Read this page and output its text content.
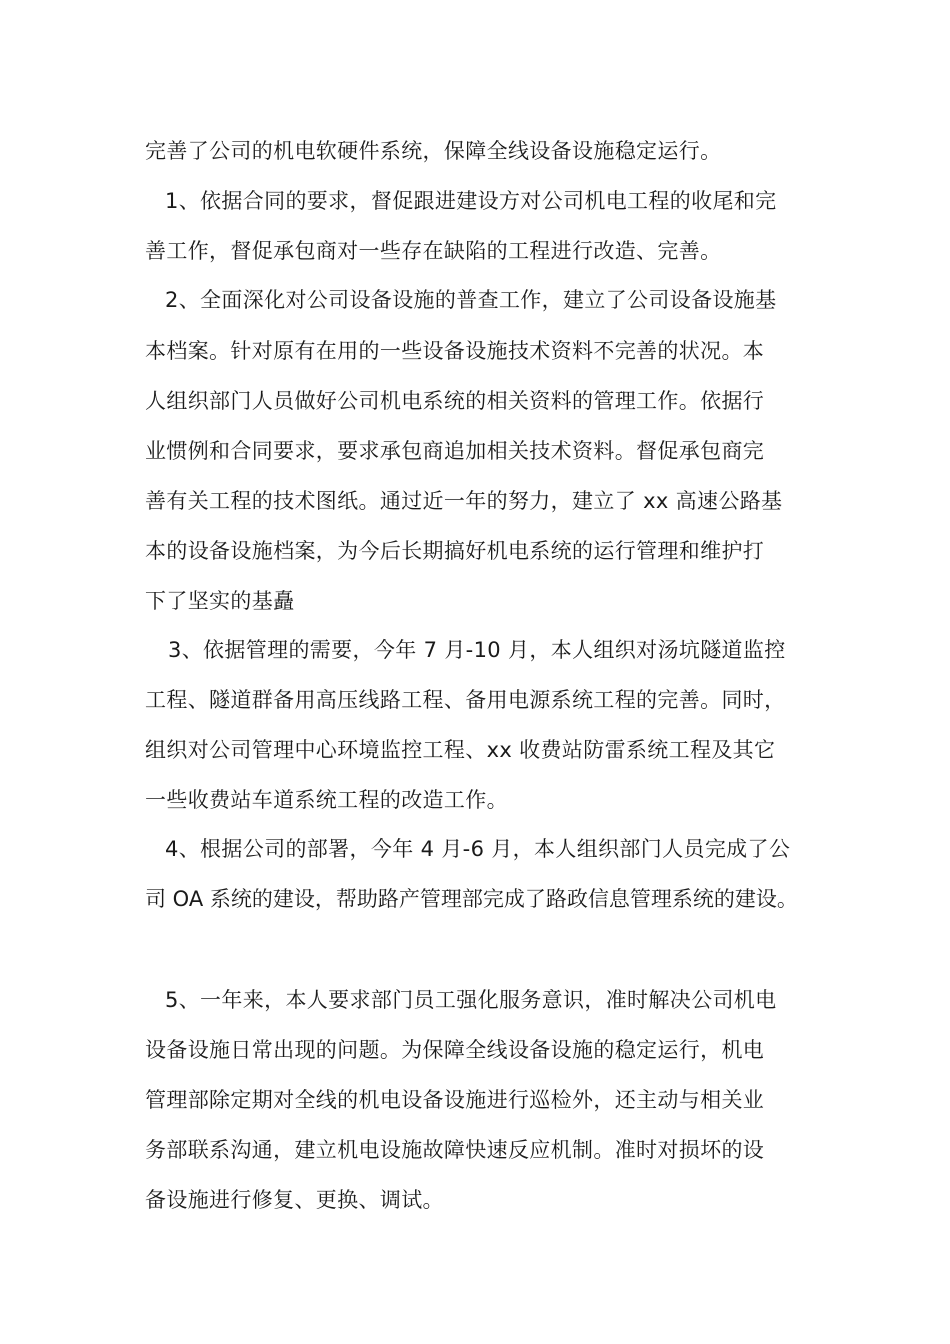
完善了公司的机电软硬件系统，保障全线设备设施稳定运行。
1、依据合同的要求，督促跟进建设方对公司机电工程的收尾和完
善工作，督促承包商对一些存在缺陷的工程进行改造、完善。
2、全面深化对公司设备设施的普查工作，建立了公司设备设施基
本档案。针对原有在用的一些设备设施技术资料不完善的状况。本
人组织部门人员做好公司机电系统的相关资料的管理工作。依据行
业惯例和合同要求，要求承包商追加相关技术资料。督促承包商完
善有关工程的技术图纸。通过近一年的努力，建立了 xx 高速公路基
本的设备设施档案，为今后长期搞好机电系统的运行管理和维护打
下了坚实的基矗
3、依据管理的需要，今年 7 月-10 月，本人组织对汤坑隧道监控
工程、隧道群备用高压线路工程、备用电源系统工程的完善。同时，
组织对公司管理中心环境监控工程、xx 收费站防雷系统工程及其它
一些收费站车道系统工程的改造工作。
4、根据公司的部署，今年 4 月-6 月，本人组织部门人员完成了公
司 OA 系统的建设，帮助路产管理部完成了路政信息管理系统的建设。
5、一年来，本人要求部门员工强化服务意识，准时解决公司机电
设备设施日常出现的问题。为保障全线设备设施的稳定运行，机电
管理部除定期对全线的机电设备设施进行巡检外，还主动与相关业
务部联系沟通，建立机电设施故障快速反应机制。准时对损坏的设
备设施进行修复、更换、调试。
